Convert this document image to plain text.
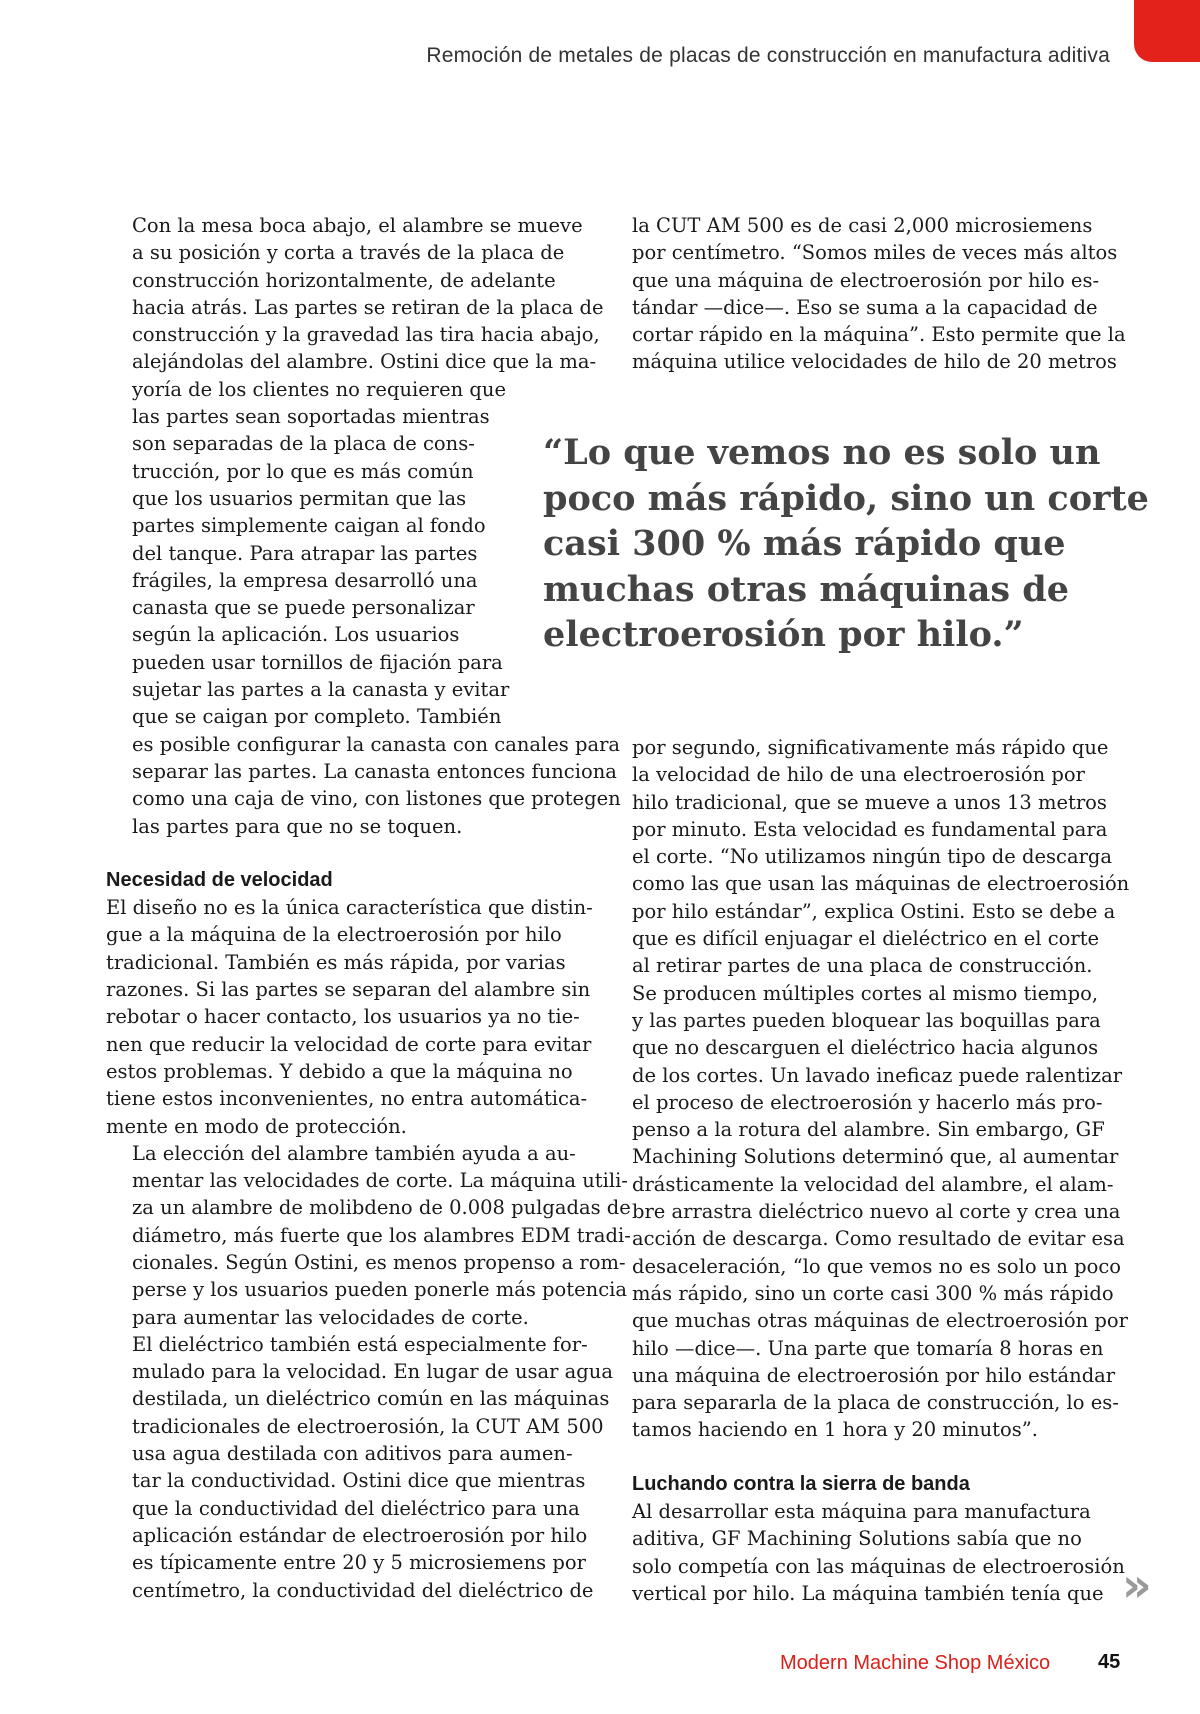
Remoción de metales de placas de construcción en manufactura aditiva

Con la mesa boca abajo, el alambre se mueve
a su posición y corta a través de la placa de
construcción horizontalmente, de adelante
hacia atrás. Las partes se retiran de la placa de
construcción y la gravedad las tira hacia abajo,
alejándolas del alambre. Ostini dice que la ma-
yoría de los clientes no requieren que
las partes sean soportadas mientras
son separadas de la placa de cons-
trucción, por lo que es más común
que los usuarios permitan que las
partes simplemente caigan al fondo
del tanque. Para atrapar las partes
frágiles, la empresa desarrolló una
canasta que se puede personalizar
según la aplicación. Los usuarios
pueden usar tornillos de fijación para
sujetar las partes a la canasta y evitar
que se caigan por completo. También
es posible configurar la canasta con canales para
separar las partes. La canasta entonces funciona
como una caja de vino, con listones que protegen
las partes para que no se toquen.

Necesidad de velocidad

El diseño no es la única característica que distin-
gue a la máquina de la electroerosión por hilo
tradicional. También es más rápida, por varias
razones. Si las partes se separan del alambre sin
rebotar o hacer contacto, los usuarios ya no tie-
nen que reducir la velocidad de corte para evitar
estos problemas. Y debido a que la máquina no
tiene estos inconvenientes, no entra automática-
mente en modo de protección.

La elección del alambre también ayuda a au-
mentar las velocidades de corte. La máquina utili-
za un alambre de molibdeno de 0.008 pulgadas de
diámetro, más fuerte que los alambres EDM tradi-
cionales. Según Ostini, es menos propenso a rom-
perse y los usuarios pueden ponerle más potencia
para aumentar las velocidades de corte.

El dieléctrico también está especialmente for-
mulado para la velocidad. En lugar de usar agua
destilada, un dieléctrico común en las máquinas
tradicionales de electroerosión, la CUT AM 500
usa agua destilada con aditivos para aumen-
tar la conductividad. Ostini dice que mientras
que la conductividad del dieléctrico para una
aplicación estándar de electroerosión por hilo
es típicamente entre 20 y 5 microsiemens por
centímetro, la conductividad del dieléctrico de

la CUT AM 500 es de casi 2,000 microsiemens
por centímetro. “Somos miles de veces más altos
que una máquina de electroerosión por hilo es-
tándar —dice—. Eso se suma a la capacidad de
cortar rápido en la máquina”. Esto permite que la
máquina utilice velocidades de hilo de 20 metros

“Lo que vemos no es solo un
poco más rápido, sino un corte
casi 300 % más rápido que
muchas otras máquinas de
electroerosión por hilo.”

por segundo, significativamente más rápido que
la velocidad de hilo de una electroerosión por
hilo tradicional, que se mueve a unos 13 metros
por minuto. Esta velocidad es fundamental para
el corte. “No utilizamos ningún tipo de descarga
como las que usan las máquinas de electroerosión
por hilo estándar”, explica Ostini. Esto se debe a
que es difícil enjuagar el dieléctrico en el corte
al retirar partes de una placa de construcción.
Se producen múltiples cortes al mismo tiempo,
y las partes pueden bloquear las boquillas para
que no descarguen el dieléctrico hacia algunos
de los cortes. Un lavado ineficaz puede ralentizar
el proceso de electroerosión y hacerlo más pro-
penso a la rotura del alambre. Sin embargo, GF
Machining Solutions determinó que, al aumentar
drásticamente la velocidad del alambre, el alam-
bre arrastra dieléctrico nuevo al corte y crea una
acción de descarga. Como resultado de evitar esa
desaceleración, “lo que vemos no es solo un poco
más rápido, sino un corte casi 300 % más rápido
que muchas otras máquinas de electroerosión por
hilo —dice—. Una parte que tomaría 8 horas en
una máquina de electroerosión por hilo estándar
para separarla de la placa de construcción, lo es-
tamos haciendo en 1 hora y 20 minutos”.

Luchando contra la sierra de banda

Al desarrollar esta máquina para manufactura
aditiva, GF Machining Solutions sabía que no
solo competía con las máquinas de electroerosión
vertical por hilo. La máquina también tenía que »
Modern Machine Shop México 45
